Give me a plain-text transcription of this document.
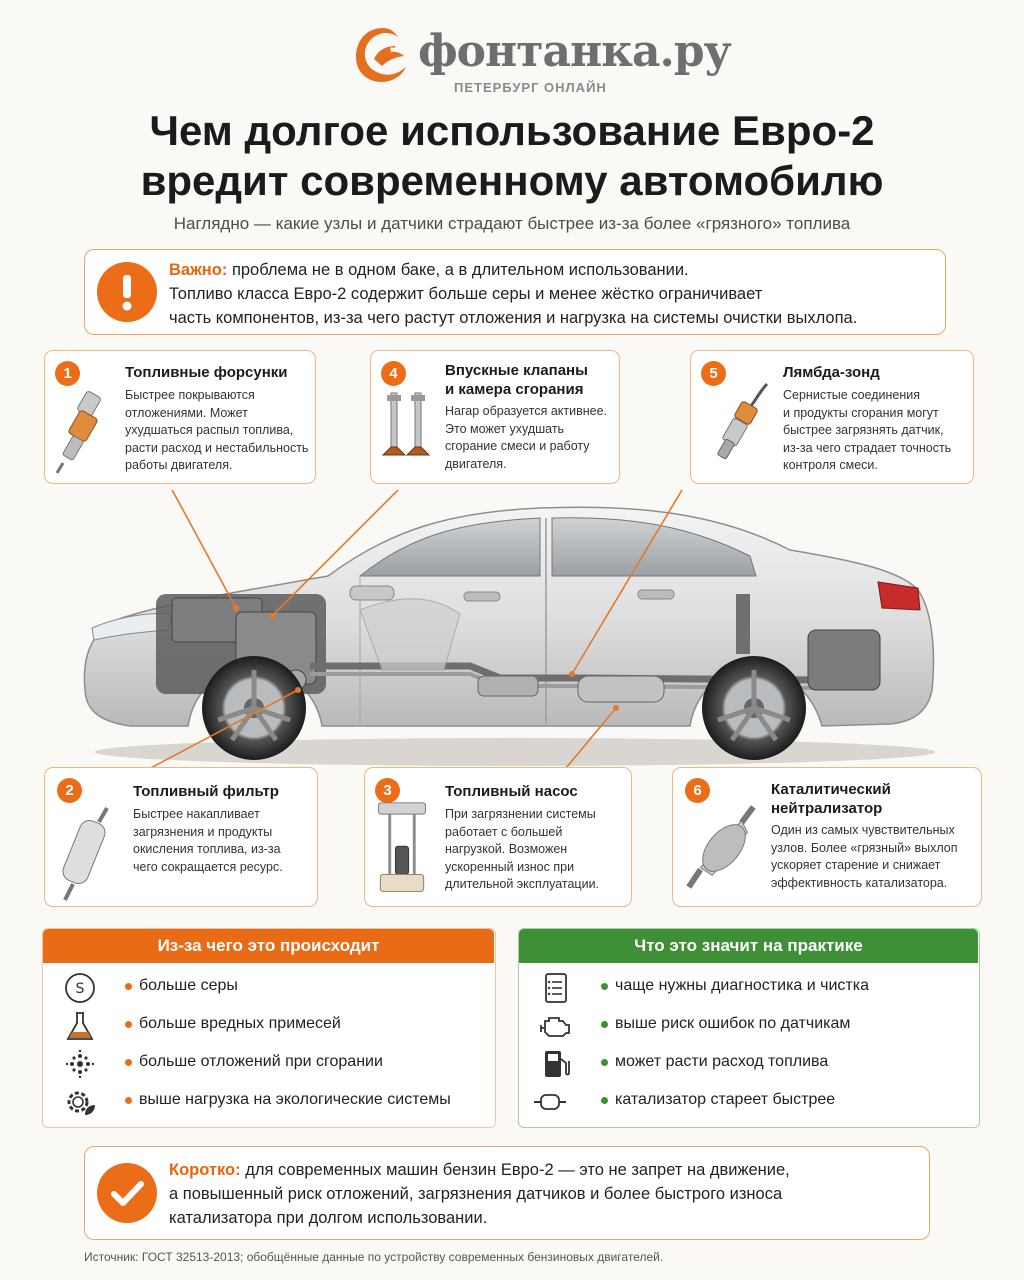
фонтанка.ру
ПЕТЕРБУРГ ОНЛАЙН
Чем долгое использование Евро-2
вредит современному автомобилю
Наглядно — какие узлы и датчики страдают быстрее из-за более «грязного» топлива
Важно: проблема не в одном баке, а в длительном использовании.
Топливо класса Евро-2 содержит больше серы и менее жёстко ограничивает
часть компонентов, из-за чего растут отложения и нагрузка на системы очистки выхлопа.
1	Топливные форсунки
Быстрее покрываются
отложениями. Может
ухудшаться распыл топлива,
расти расход и нестабильность
работы двигателя.
4	Впускные клапаны
и камера сгорания
Нагар образуется активнее.
Это может ухудшать
сгорание смеси и работу
двигателя.
5	Лямбда-зонд
Сернистые соединения
и продукты сгорания могут
быстрее загрязнять датчик,
из-за чего страдает точность
контроля смеси.
2	Топливный фильтр
Быстрее накапливает
загрязнения и продукты
окисления топлива, из-за
чего сокращается ресурс.
3	Топливный насос
При загрязнении системы
работает с большей
нагрузкой. Возможен
ускоренный износ при
длительной эксплуатации.
6	Каталитический
нейтрализатор
Один из самых чувствительных
узлов. Более «грязный» выхлоп
ускоряет старение и снижает
эффективность катализатора.
Из-за чего это происходит
S	больше серы
больше вредных примесей
больше отложений при сгорании
выше нагрузка на экологические системы
Что это значит на практике
чаще нужны диагностика и чистка
выше риск ошибок по датчикам
может расти расход топлива
катализатор стареет быстрее
Коротко: для современных машин бензин Евро-2 — это не запрет на движение,
а повышенный риск отложений, загрязнения датчиков и более быстрого износа
катализатора при долгом использовании.
Источник: ГОСТ 32513-2013; обобщённые данные по устройству современных бензиновых двигателей.
